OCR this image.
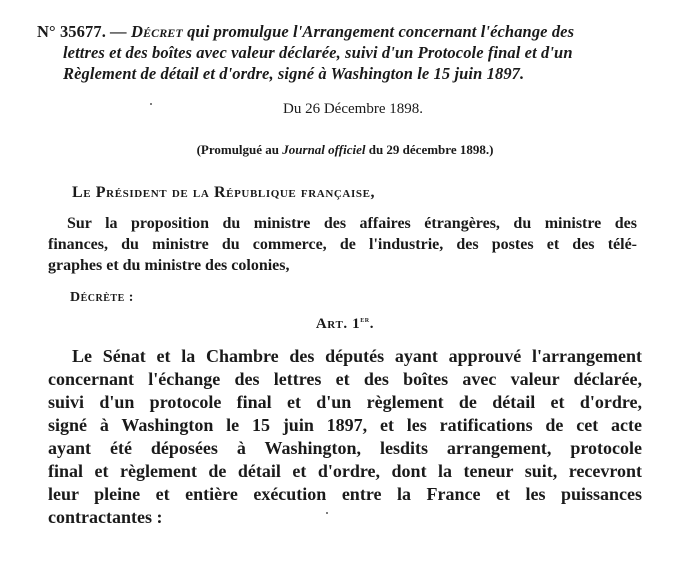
N° 35677. — Décret qui promulgue l'Arrangement concernant l'échange des
lettres et des boîtes avec valeur déclarée, suivi d'un Protocole final et d'un
Règlement de détail et d'ordre, signé à Washington le 15 juin 1897.
Du 26 Décembre 1898.
(Promulgué au Journal officiel du 29 décembre 1898.)
Le Président de la République française,
Sur la proposition du ministre des affaires étrangères, du ministre des
finances, du ministre du commerce, de l'industrie, des postes et des télé-
graphes et du ministre des colonies,
Décrète :
Art. 1er.
Le Sénat et la Chambre des députés ayant approuvé l'arrangement
concernant l'échange des lettres et des boîtes avec valeur déclarée,
suivi d'un protocole final et d'un règlement de détail et d'ordre,
signé à Washington le 15 juin 1897, et les ratifications de cet acte
ayant été déposées à Washington, lesdits arrangement, protocole
final et règlement de détail et d'ordre, dont la teneur suit, recevront
leur pleine et entière exécution entre la France et les puissances
contractantes :
